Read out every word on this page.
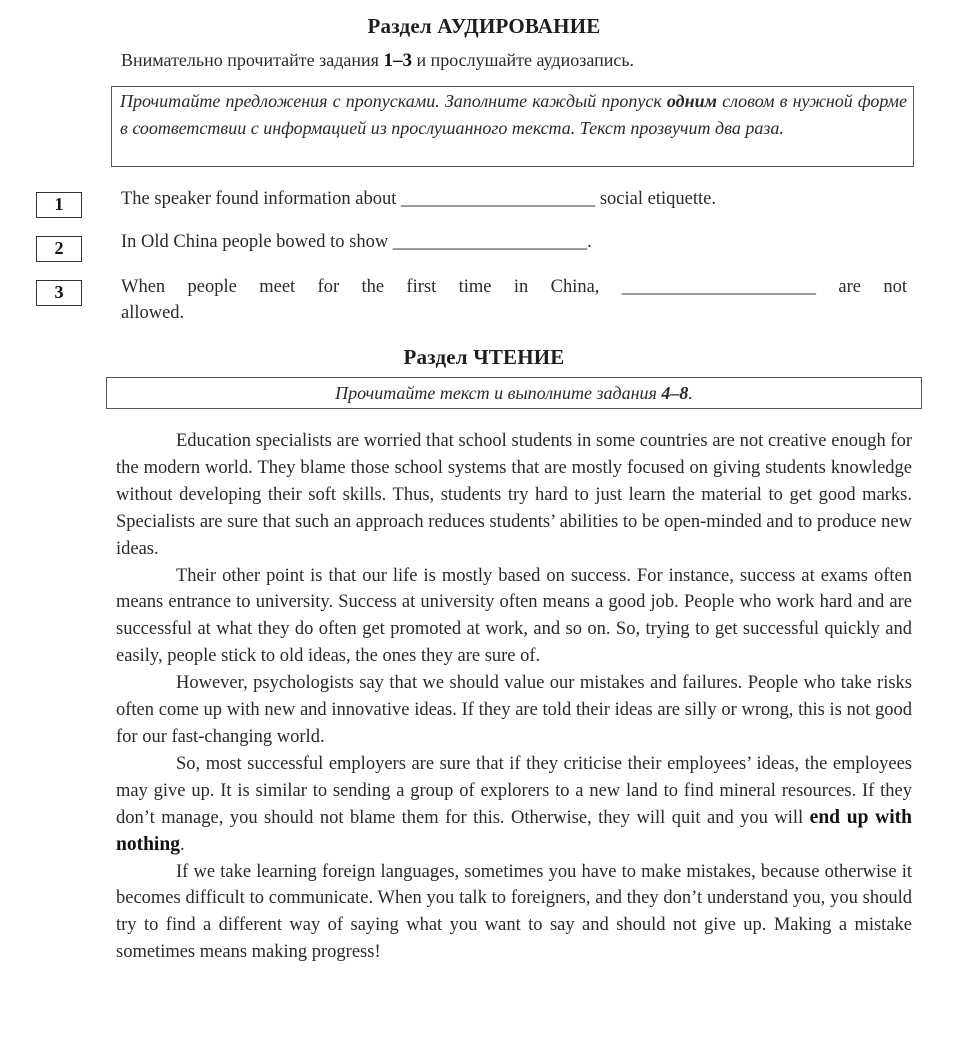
Раздел АУДИРОВАНИЕ
Внимательно прочитайте задания 1–3 и прослушайте аудиозапись.
Прочитайте предложения с пропусками. Заполните каждый пропуск одним словом в нужной форме в соответствии с информацией из прослушанного текста. Текст прозвучит два раза.
1	The speaker found information about _____________________ social etiquette.
2	In Old China people bowed to show _____________________.
3	When people meet for the first time in China, _____________________ are not
allowed.
Раздел ЧТЕНИЕ
Прочитайте текст и выполните задания 4–8.

Education specialists are worried that school students in some countries are not creative enough for the modern world. They blame those school systems that are mostly focused on giving students knowledge without developing their soft skills. Thus, students try hard to just learn the material to get good marks. Specialists are sure that such an approach reduces students’ abilities to be open-minded and to produce new ideas.

Their other point is that our life is mostly based on success. For instance, success at exams often means entrance to university. Success at university often means a good job. People who work hard and are successful at what they do often get promoted at work, and so on. So, trying to get successful quickly and easily, people stick to old ideas, the ones they are sure of.

However, psychologists say that we should value our mistakes and failures. People who take risks often come up with new and innovative ideas. If they are told their ideas are silly or wrong, this is not good for our fast-changing world.

So, most successful employers are sure that if they criticise their employees’ ideas, the employees may give up. It is similar to sending a group of explorers to a new land to find mineral resources. If they don’t manage, you should not blame them for this. Otherwise, they will quit and you will end up with nothing.

If we take learning foreign languages, sometimes you have to make mistakes, because otherwise it becomes difficult to communicate. When you talk to foreigners, and they don’t understand you, you should try to find a different way of saying what you want to say and should not give up. Making a mistake sometimes means making progress!
